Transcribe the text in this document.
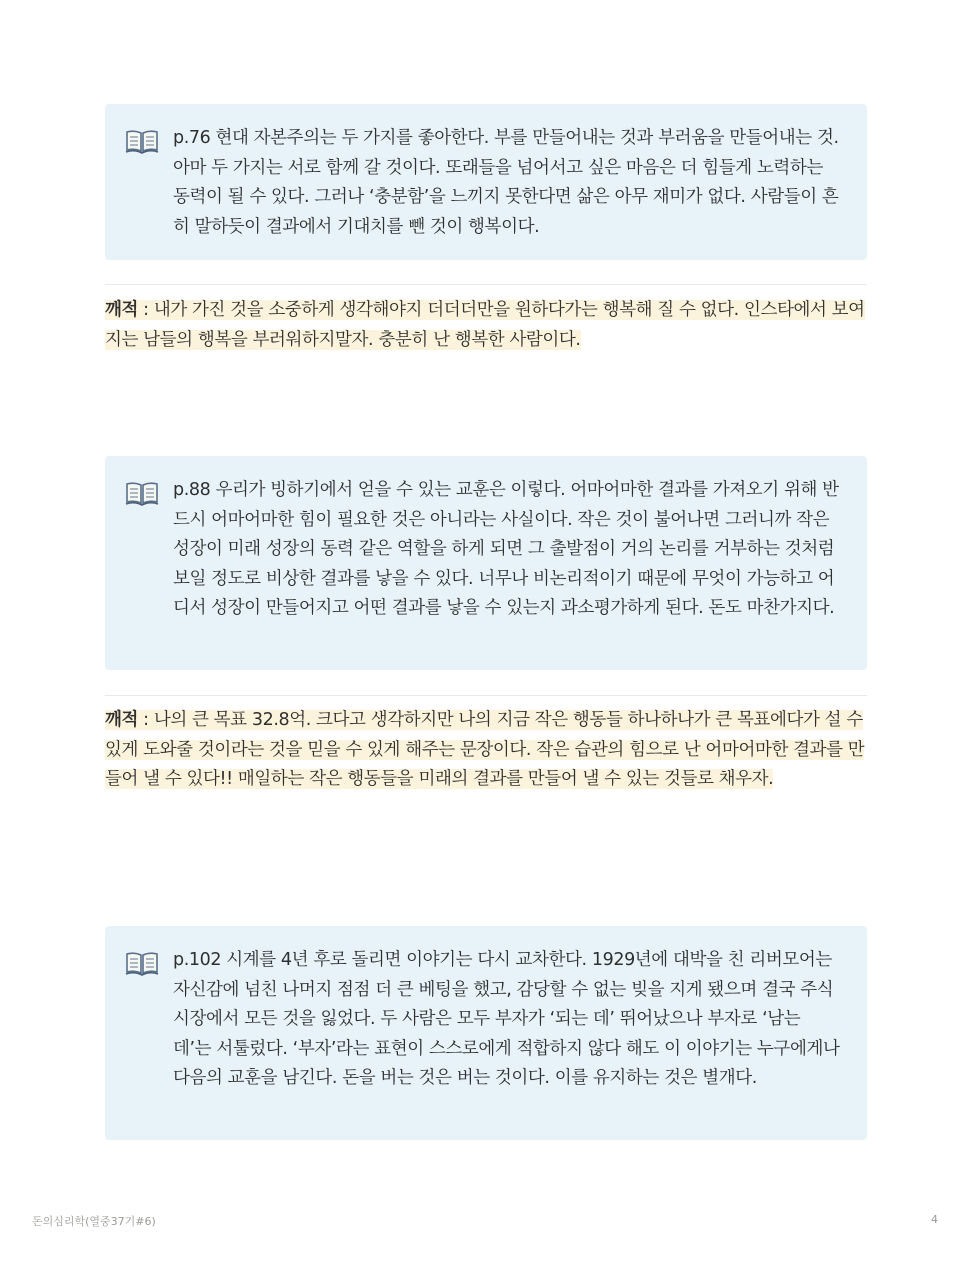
p.76 현대 자본주의는 두 가지를 좋아한다. 부를 만들어내는 것과 부러움을 만들어내는 것. 아마 두 가지는 서로 함께 갈 것이다. 또래들을 넘어서고 싶은 마음은 더 힘들게 노력하는 동력이 될 수 있다. 그러나 ‘충분함’을 느끼지 못한다면 삶은 아무 재미가 없다. 사람들이 흔히 말하듯이 결과에서 기대치를 뺀 것이 행복이다.
깨적 : 내가 가진 것을 소중하게 생각해야지 더더더만을 원하다가는 행복해 질 수 없다. 인스타에서 보여지는 남들의 행복을 부러워하지말자. 충분히 난 행복한 사람이다.
p.88 우리가 빙하기에서 얻을 수 있는 교훈은 이렇다. 어마어마한 결과를 가져오기 위해 반드시 어마어마한 힘이 필요한 것은 아니라는 사실이다. 작은 것이 불어나면 그러니까 작은 성장이 미래 성장의 동력 같은 역할을 하게 되면 그 출발점이 거의 논리를 거부하는 것처럼 보일 정도로 비상한 결과를 낳을 수 있다. 너무나 비논리적이기 때문에 무엇이 가능하고 어디서 성장이 만들어지고 어떤 결과를 낳을 수 있는지 과소평가하게 된다. 돈도 마찬가지다.
깨적 : 나의 큰 목표 32.8억. 크다고 생각하지만 나의 지금 작은 행동들 하나하나가 큰 목표에다가 설 수 있게 도와줄 것이라는 것을 믿을 수 있게 해주는 문장이다. 작은 습관의 힘으로 난 어마어마한 결과를 만들어 낼 수 있다!! 매일하는 작은 행동들을 미래의 결과를 만들어 낼 수 있는 것들로 채우자.
p.102 시계를 4년 후로 돌리면 이야기는 다시 교차한다. 1929년에 대박을 친 리버모어는 자신감에 넘친 나머지 점점 더 큰 베팅을 했고, 감당할 수 없는 빚을 지게 됐으며 결국 주식시장에서 모든 것을 잃었다. 두 사람은 모두 부자가 ‘되는 데’ 뛰어났으나 부자로 ‘남는 데’는 서툴렀다. ‘부자’라는 표현이 스스로에게 적합하지 않다 해도 이 이야기는 누구에게나 다음의 교훈을 남긴다. 돈을 버는 것은 버는 것이다. 이를 유지하는 것은 별개다.
돈의심리학(열중37기#6)	4
